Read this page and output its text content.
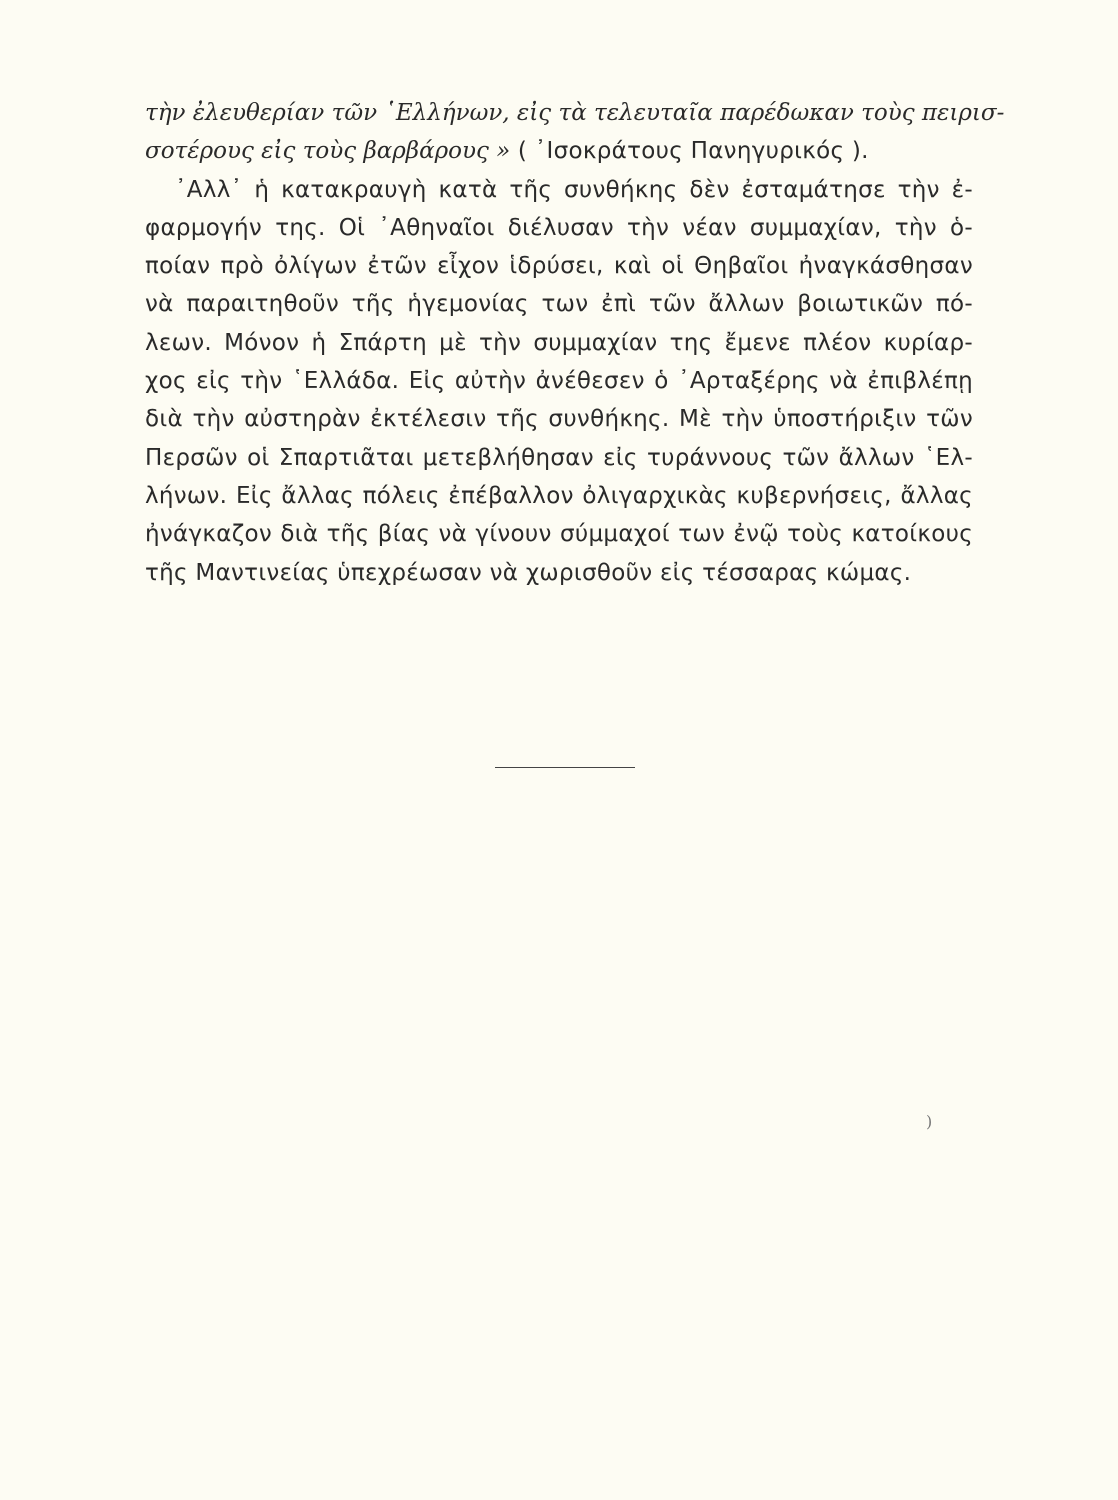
τὴν ἐλευθερίαν τῶν ῾Ελλήνων, εἰς τὰ τελευταῖα παρέδωκαν τοὺς πειρισ-
σοτέρους εἰς τοὺς βαρβάρους » ( ᾿Ισοκράτους Πανηγυρικός ).
᾿Αλλ᾿ ἡ κατακραυγὴ κατὰ τῆς συνθήκης δὲν ἐσταμάτησε τὴν ἐ-
φαρμογήν της. Οἱ ᾿Αθηναῖοι διέλυσαν τὴν νέαν συμμαχίαν, τὴν ὁ-
ποίαν πρὸ ὀλίγων ἐτῶν εἶχον ἱδρύσει, καὶ οἱ Θηβαῖοι ἠναγκάσθησαν
νὰ παραιτηθοῦν τῆς ἡγεμονίας των ἐπὶ τῶν ἄλλων βοιωτικῶν πό-
λεων. Μόνον ἡ Σπάρτη μὲ τὴν συμμαχίαν της ἔμενε πλέον κυρίαρ-
χος εἰς τὴν ῾Ελλάδα. Εἰς αὐτὴν ἀνέθεσεν ὁ ᾿Αρταξέρης νὰ ἐπιβλέπῃ
διὰ τὴν αὐστηρὰν ἐκτέλεσιν τῆς συνθήκης. Μὲ τὴν ὑποστήριξιν τῶν
Περσῶν οἱ Σπαρτιᾶται μετεβλήθησαν εἰς τυράννους τῶν ἄλλων ῾Ελ-
λήνων. Εἰς ἄλλας πόλεις ἐπέβαλλον ὀλιγαρχικὰς κυβερνήσεις, ἄλλας
ἠνάγκαζον διὰ τῆς βίας νὰ γίνουν σύμμαχοί των ἐνῷ τοὺς κατοίκους
τῆς Μαντινείας ὑπεχρέωσαν νὰ χωρισθοῦν εἰς τέσσαρας κώμας.
)
